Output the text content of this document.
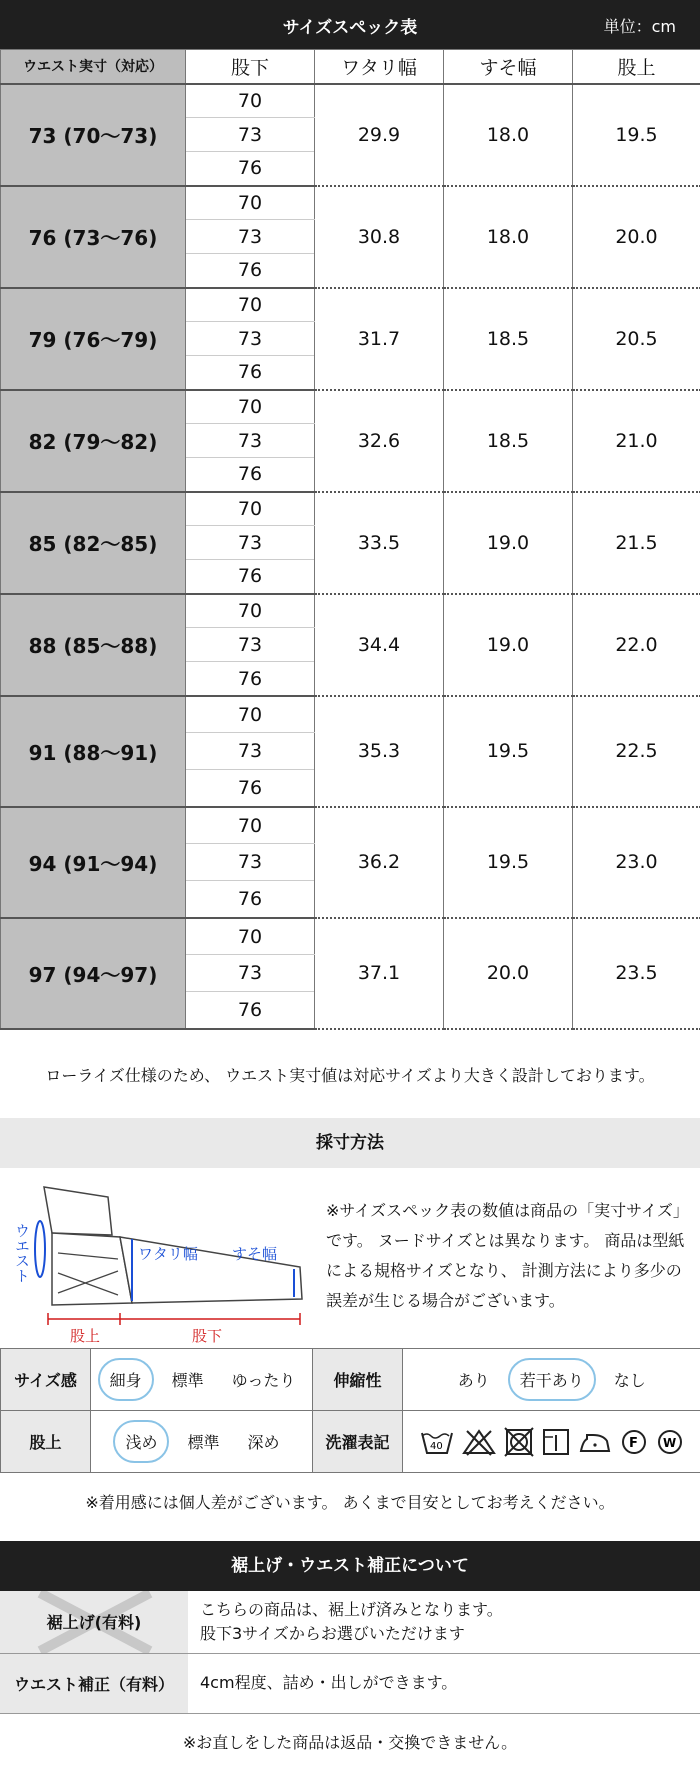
サイズスペック表	単位：cm
ウエスト実寸（対応）	股下	ワタリ幅	すそ幅	股上
73 (70〜73)	70	29.9	18.0	19.5
	73			
	76			
76 (73〜76)	70	30.8	18.0	20.0
	73			
	76			
79 (76〜79)	70	31.7	18.5	20.5
	73			
	76			
82 (79〜82)	70	32.6	18.5	21.0
	73			
	76			
85 (82〜85)	70	33.5	19.0	21.5
	73			
	76			
88 (85〜88)	70	34.4	19.0	22.0
	73			
	76			
91 (88〜91)	70	35.3	19.5	22.5
	73			
	76			
94 (91〜94)	70	36.2	19.5	23.0
	73			
	76			
97 (94〜97)	70	37.1	20.0	23.5
	73			
	76			
ローライズ仕様のため、 ウエスト実寸値は対応サイズより大きく設計しております。
採寸方法
ウエスト	ワタリ幅 すそ幅
股上	股下
※サイズスペック表の数値は商品の「実寸サイズ」です。 ヌードサイズとは異なります。 商品は型紙による規格サイズとなり、 計測方法により多少の誤差が生じる場合がございます。
サイズ感	細身 標準 ゆったり	伸縮性	あり 若干あり なし

股上	浅め 標準 深め	洗濯表記	40 F W
※着用感には個人差がございます。 あくまで目安としてお考えください。
裾上げ・ウエスト補正について
裾上げ(有料)	こちらの商品は、裾上げ済みとなります。
股下3サイズからお選びいただけます

ウエスト補正（有料）	4cm程度、詰め・出しができます。
※お直しをした商品は返品・交換できません。
